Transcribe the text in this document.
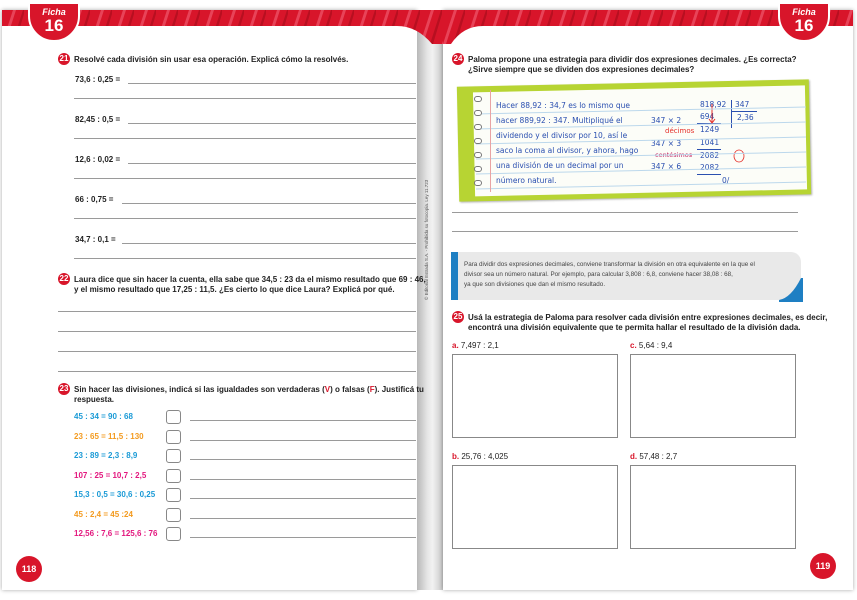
Ficha
16
Ficha
16
21 Resolvé cada división sin usar esa operación. Explicá cómo la resolvés.
73,6 : 0,25 =
82,45 : 0,5 =
12,6 : 0,02 =
66 : 0,75 =
34,7 : 0,1 =
22 Laura dice que sin hacer la cuenta, ella sabe que 34,5 : 23 da el mismo resultado que 69 : 46,
y el mismo resultado que 17,25 : 11,5. ¿Es cierto lo que dice Laura? Explicá por qué.	© Editorial Estrada S.A. - Prohibida su fotocopia. Ley 11.723
23 Sin hacer las divisiones, indicá si las igualdades son verdaderas (V) o falsas (F). Justificá tu
respuesta.
118
24 Paloma propone una estrategia para dividir dos expresiones decimales. ¿Es correcta?
¿Sirve siempre que se dividen dos expresiones decimales?
Hacer 88,92 : 34,7 es lo mismo que
hacer 889,92 : 347. Multipliqué el
dividendo y el divisor por 10, así le
saco la coma al divisor, y ahora, hago
una división de un decimal por un
número natural.
347 × 2
347 × 3
347 × 6
818,92 347
2,36
694
1249
1041
2082
2082
0/
décimos
centésimos
Para dividir dos expresiones decimales, conviene transformar la división en otra equivalente en la que el
divisor sea un número natural. Por ejemplo, para calcular 3,808 : 6,8, conviene hacer 38,08 : 68,
ya que son divisiones que dan el mismo resultado.
25 Usá la estrategia de Paloma para resolver cada división entre expresiones decimales, es decir,
encontrá una división equivalente que te permita hallar el resultado de la división dada.
a. 7,497 : 2,1	c. 5,64 : 9,4
b. 25,76 : 4,025	d. 57,48 : 2,7
119
45 : 34 = 90 : 68
23 : 65 = 11,5 : 130
23 : 89 = 2,3 : 8,9
107 : 25 = 10,7 : 2,5
15,3 : 0,5 = 30,6 : 0,25
45 : 2,4 = 45 :24
12,56 : 7,6 = 125,6 : 76
